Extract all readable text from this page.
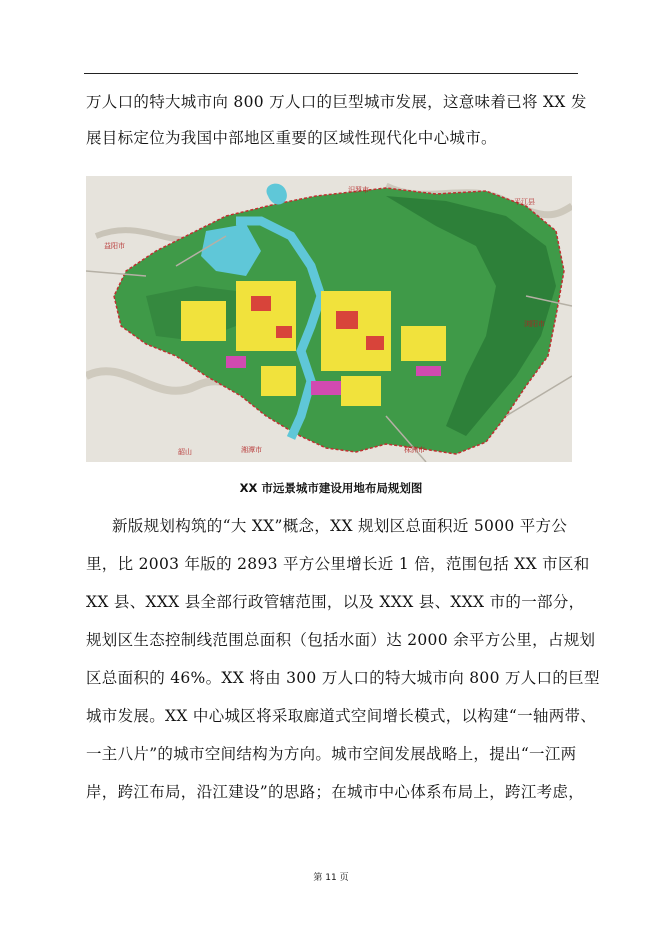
万人口的特大城市向 800 万人口的巨型城市发展，这意味着已将 XX 发
展目标定位为我国中部地区重要的区域性现代化中心城市。
益阳市
汨罗市
平江县
浏阳市
湘潭市	株洲市
韶山
XX 市远景城市建设用地布局规划图
新版规划构筑的“大 XX”概念，XX 规划区总面积近 5000 平方公
里，比 2003 年版的 2893 平方公里增长近 1 倍，范围包括 XX 市区和
XX 县、XXX 县全部行政管辖范围，以及 XXX 县、XXX 市的一部分，
规划区生态控制线范围总面积（包括水面）达 2000 余平方公里，占规划
区总面积的 46%。XX 将由 300 万人口的特大城市向 800 万人口的巨型
城市发展。XX 中心城区将采取廊道式空间增长模式，以构建“一轴两带、
一主八片”的城市空间结构为方向。城市空间发展战略上，提出“一江两
岸，跨江布局，沿江建设”的思路；在城市中心体系布局上，跨江考虑，
第 11 页
